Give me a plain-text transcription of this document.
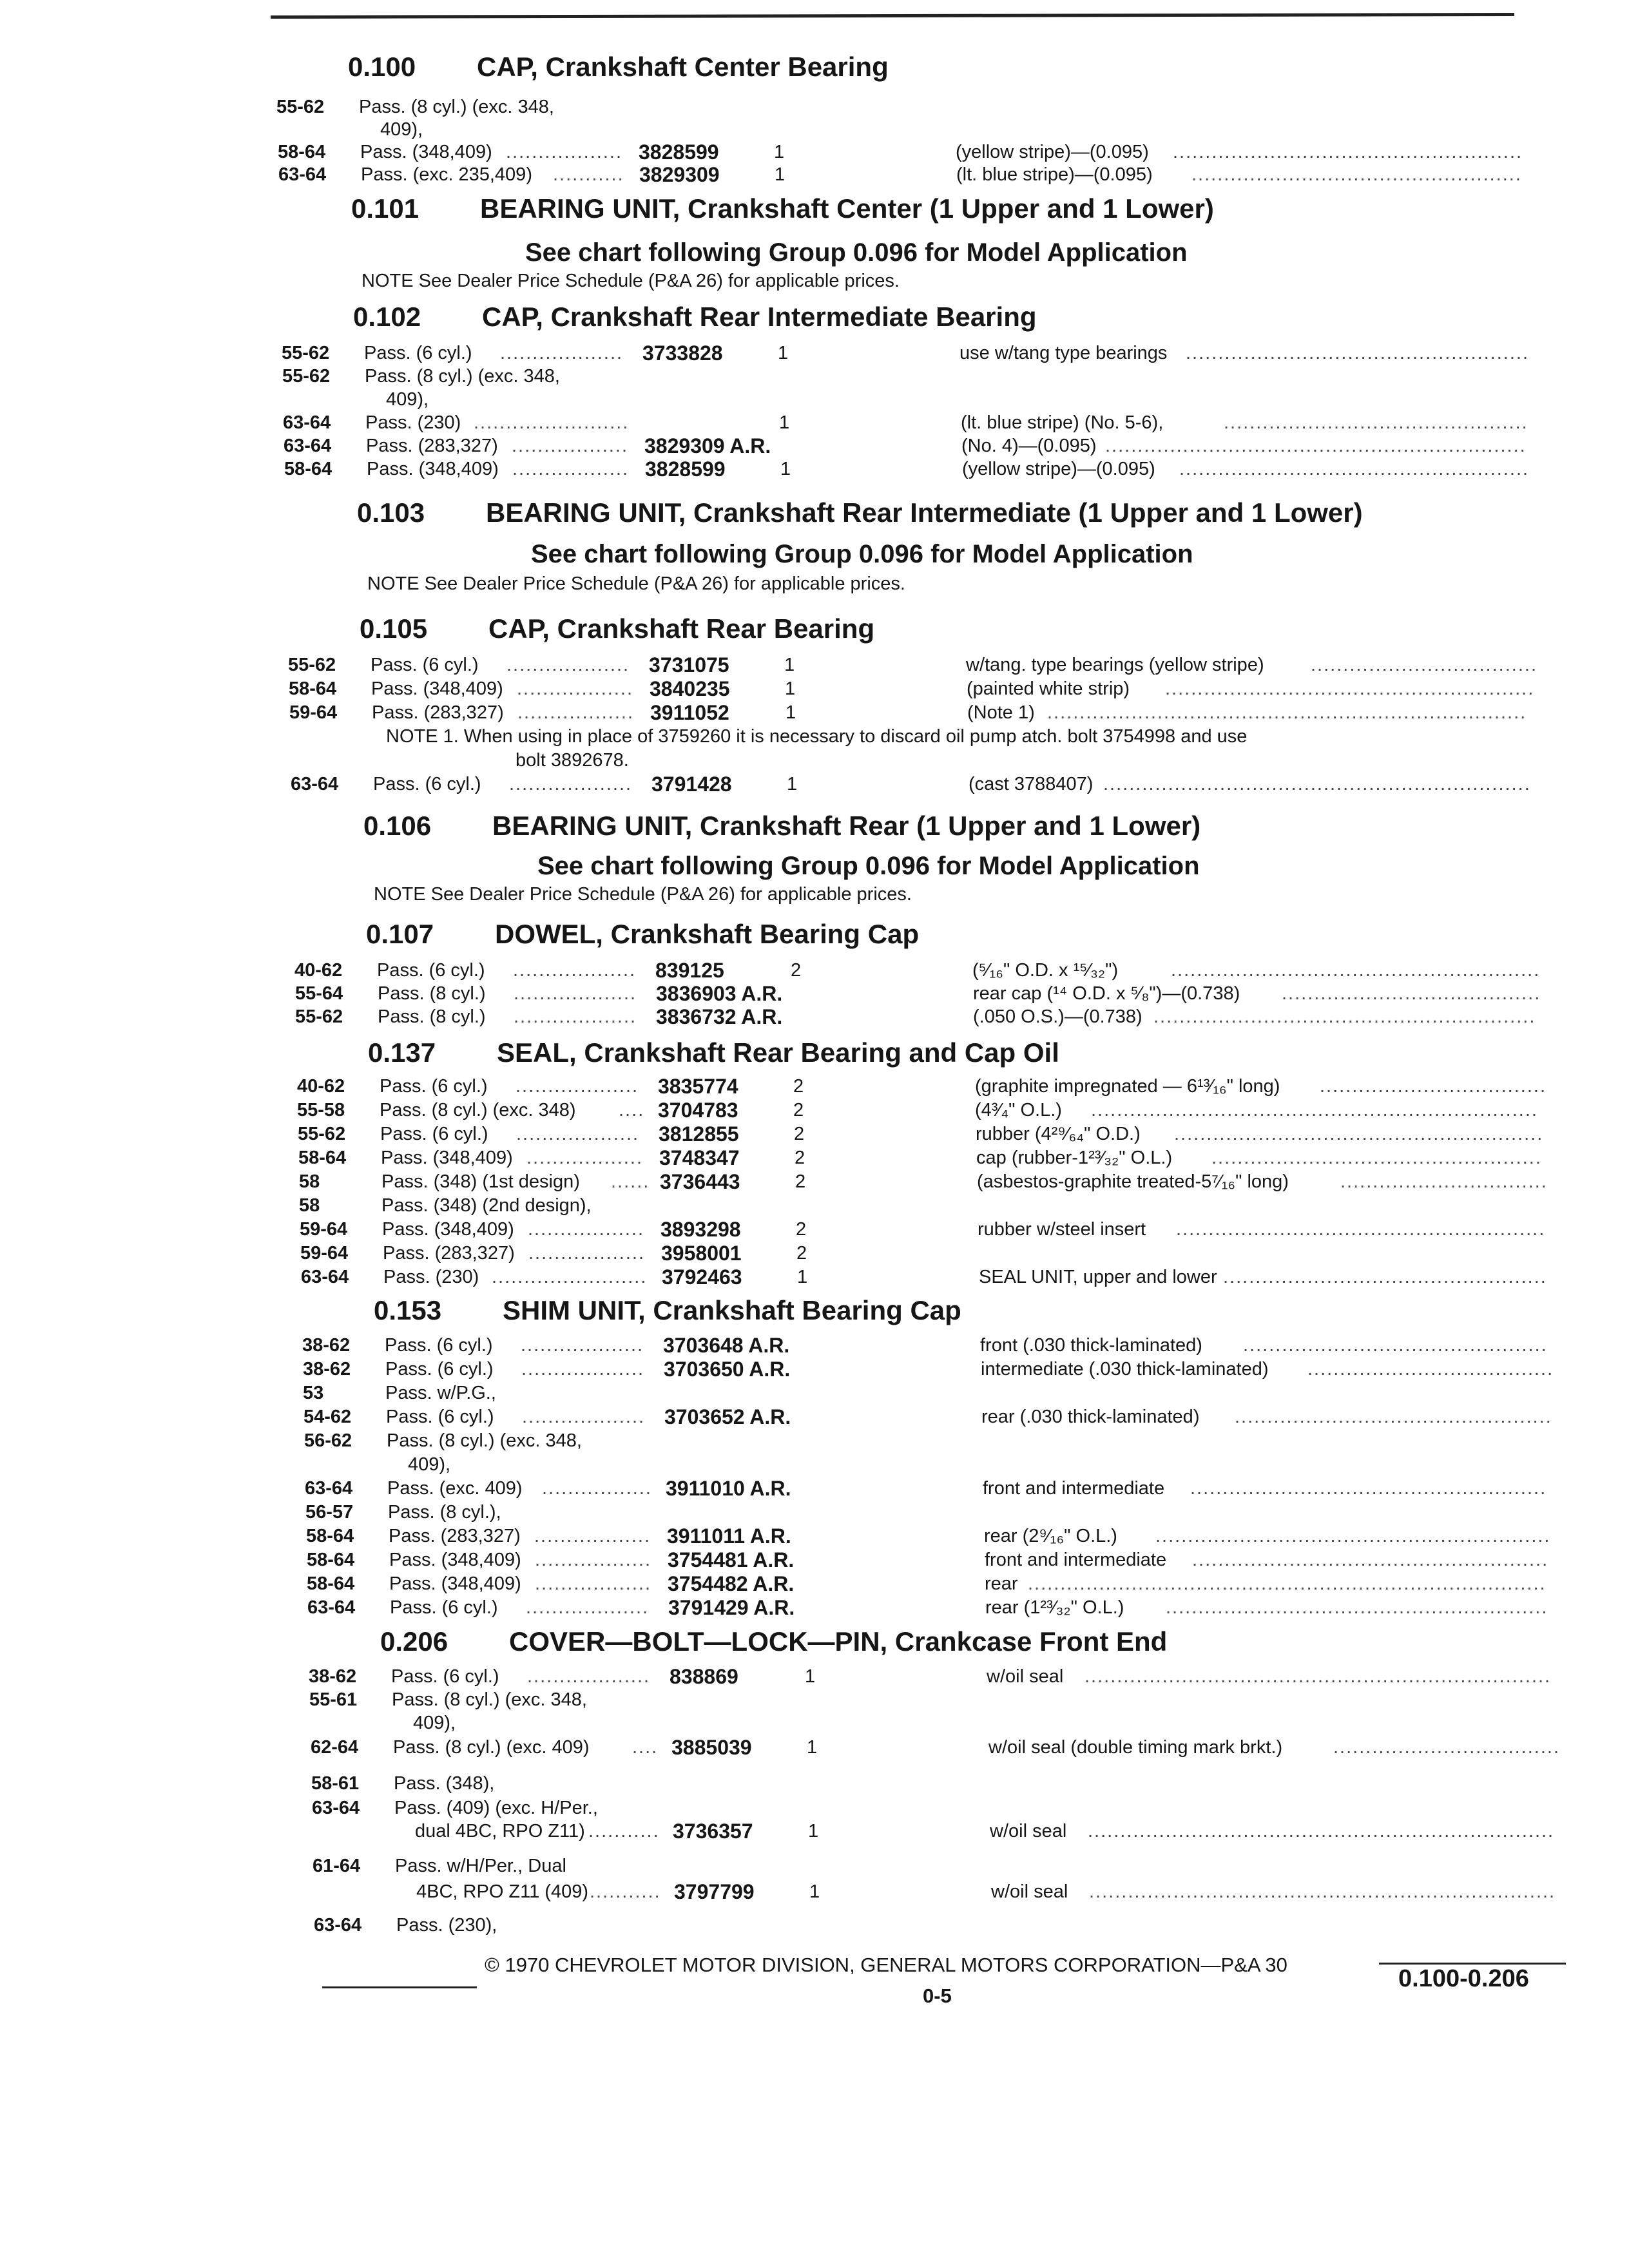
0.100 CAP, Crankshaft Center Bearing
55-62 Pass. (8 cyl.) (exc. 348,
409),
58-64 Pass. (348,409) .................. 3828599	1	(yellow stripe)—(0.095) ......................................................
63-64 Pass. (exc. 235,409) ........... 3829309	1	(lt. blue stripe)—(0.095) ...................................................
0.101 BEARING UNIT, Crankshaft Center (1 Upper and 1 Lower)
See chart following Group 0.096 for Model Application
NOTE See Dealer Price Schedule (P&A 26) for applicable prices.
0.102 CAP, Crankshaft Rear Intermediate Bearing
55-62 Pass. (6 cyl.) ................... 3733828	1	use w/tang type bearings .....................................................
55-62 Pass. (8 cyl.) (exc. 348,
409),
63-64 Pass. (230) ........................	1	(lt. blue stripe) (No. 5-6),	...............................................
63-64 Pass. (283,327) .................. 3829309 A.R.	(No. 4)—(0.095) .................................................................
58-64 Pass. (348,409) .................. 3828599	1	(yellow stripe)—(0.095) ......................................................
0.103 BEARING UNIT, Crankshaft Rear Intermediate (1 Upper and 1 Lower)
See chart following Group 0.096 for Model Application
NOTE See Dealer Price Schedule (P&A 26) for applicable prices.
0.105 CAP, Crankshaft Rear Bearing
55-62 Pass. (6 cyl.) ................... 3731075	1	w/tang. type bearings (yellow stripe) ...................................
58-64 Pass. (348,409) .................. 3840235	1	(painted white strip) .........................................................
59-64 Pass. (283,327) .................. 3911052	1	(Note 1) ..........................................................................
NOTE 1. When using in place of 3759260 it is necessary to discard oil pump atch. bolt 3754998 and use
bolt 3892678.
63-64 Pass. (6 cyl.) ................... 3791428	1	(cast 3788407) ..................................................................
0.106 BEARING UNIT, Crankshaft Rear (1 Upper and 1 Lower)
See chart following Group 0.096 for Model Application
NOTE See Dealer Price Schedule (P&A 26) for applicable prices.
0.107 DOWEL, Crankshaft Bearing Cap
40-62 Pass. (6 cyl.) ................... 839125	2	(⁵⁄₁₆" O.D. x ¹⁵⁄₃₂")	.........................................................
55-64 Pass. (8 cyl.) ................... 3836903 A.R.	rear cap (¹⁴ O.D. x ⁵⁄₈")—(0.738) ........................................
55-62 Pass. (8 cyl.) ................... 3836732 A.R.	(.050 O.S.)—(0.738) ...........................................................
0.137 SEAL, Crankshaft Rear Bearing and Cap Oil
40-62 Pass. (6 cyl.) ................... 3835774	2	(graphite impregnated — 6¹³⁄₁₆" long) ...................................
55-58 Pass. (8 cyl.) (exc. 348) .... 3704783	2	(4³⁄₄" O.L.) .....................................................................
55-62 Pass. (6 cyl.) ................... 3812855	2	rubber (4²⁹⁄₆₄" O.D.) .........................................................
58-64 Pass. (348,409) .................. 3748347	2	cap (rubber-1²³⁄₃₂" O.L.) ...................................................
58	Pass. (348) (1st design) ...... 3736443	2	(asbestos-graphite treated-5⁷⁄₁₆" long)	................................
58	Pass. (348) (2nd design),
59-64 Pass. (348,409) .................. 3893298	2	rubber w/steel insert .........................................................
59-64 Pass. (283,327) .................. 3958001	2
63-64 Pass. (230) ........................ 3792463	1	SEAL UNIT, upper and lower ..................................................
0.153 SHIM UNIT, Crankshaft Bearing Cap
38-62 Pass. (6 cyl.) ................... 3703648 A.R.	front (.030 thick-laminated) ...............................................
38-62 Pass. (6 cyl.) ................... 3703650 A.R.	intermediate (.030 thick-laminated) ......................................
53	Pass. w/P.G.,
54-62 Pass. (6 cyl.) ................... 3703652 A.R.	rear (.030 thick-laminated) .................................................
56-62 Pass. (8 cyl.) (exc. 348,
409),
63-64 Pass. (exc. 409) ................. 3911010 A.R.	front and intermediate .......................................................
56-57 Pass. (8 cyl.),
58-64 Pass. (283,327) .................. 3911011 A.R.	rear (2⁹⁄₁₆" O.L.) .............................................................
58-64 Pass. (348,409) .................. 3754481 A.R.	front and intermediate .......................................................
58-64 Pass. (348,409) .................. 3754482 A.R.	rear ................................................................................
63-64 Pass. (6 cyl.) ................... 3791429 A.R.	rear (1²³⁄₃₂" O.L.) ...........................................................
0.206 COVER—BOLT—LOCK—PIN, Crankcase Front End
38-62 Pass. (6 cyl.) ................... 838869	1	w/oil seal ........................................................................
55-61 Pass. (8 cyl.) (exc. 348,
409),
62-64 Pass. (8 cyl.) (exc. 409) .... 3885039	1	w/oil seal (double timing mark brkt.)	...................................
58-61 Pass. (348),
63-64 Pass. (409) (exc. H/Per.,
dual 4BC, RPO Z11) ........... 3736357	1	w/oil seal ........................................................................
61-64 Pass. w/H/Per., Dual
4BC, RPO Z11 (409) ........... 3797799	1	w/oil seal ........................................................................
63-64 Pass. (230),
© 1970 CHEVROLET MOTOR DIVISION, GENERAL MOTORS CORPORATION—P&A 30
0-5
0.100-0.206
